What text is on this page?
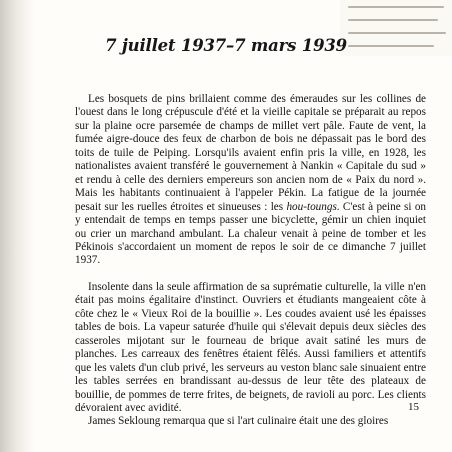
7 juillet 1937–7 mars 1939

Les bosquets de pins brillaient comme des émeraudes sur les collines de l'ouest dans le long crépuscule d'été et la vieille capitale se préparait au repos sur la plaine ocre parsemée de champs de millet vert pâle. Faute de vent, la fumée aigre-douce des feux de charbon de bois ne dépassait pas le bord des toits de tuile de Peiping. Lorsqu'ils avaient enfin pris la ville, en 1928, les nationalistes avaient transféré le gouvernement à Nankin « Capitale du sud » et rendu à celle des derniers empereurs son ancien nom de « Paix du nord ». Mais les habitants continuaient à l'appeler Pékin. La fatigue de la journée pesait sur les ruelles étroites et sinueuses : les hou-toungs. C'est à peine si on y entendait de temps en temps passer une bicyclette, gémir un chien inquiet ou crier un marchand ambulant. La chaleur venait à peine de tomber et les Pékinois s'accordaient un moment de repos le soir de ce dimanche 7 juillet 1937.

Insolente dans la seule affirmation de sa suprématie culturelle, la ville n'en était pas moins égalitaire d'instinct. Ouvriers et étudiants mangeaient côte à côte chez le « Vieux Roi de la bouillie ». Les coudes avaient usé les épaisses tables de bois. La vapeur saturée d'huile qui s'élevait depuis deux siècles des casseroles mijotant sur le fourneau de brique avait satiné les murs de planches. Les carreaux des fenêtres étaient fêlés. Aussi familiers et attentifs que les valets d'un club privé, les serveurs au veston blanc sale sinuaient entre les tables serrées en brandissant au-dessus de leur tête des plateaux de bouillie, de pommes de terre frites, de beignets, de ravioli au porc. Les clients dévoraient avec avidité.

James Sekloung remarqua que si l'art culinaire était une des gloires

15
